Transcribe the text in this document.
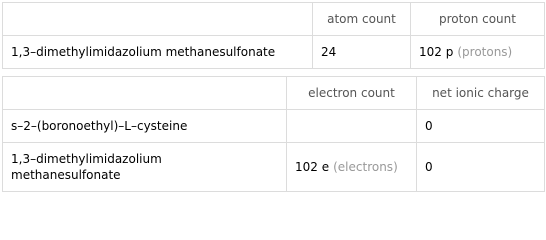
	atom count	proton count
1,3–dimethylimidazolium methanesulfonate	24	102 p (protons)
	electron count	net ionic charge
s–2–(boronoethyl)–L–cysteine		0
1,3–dimethylimidazolium
methanesulfonate	102 e (electrons)	0
